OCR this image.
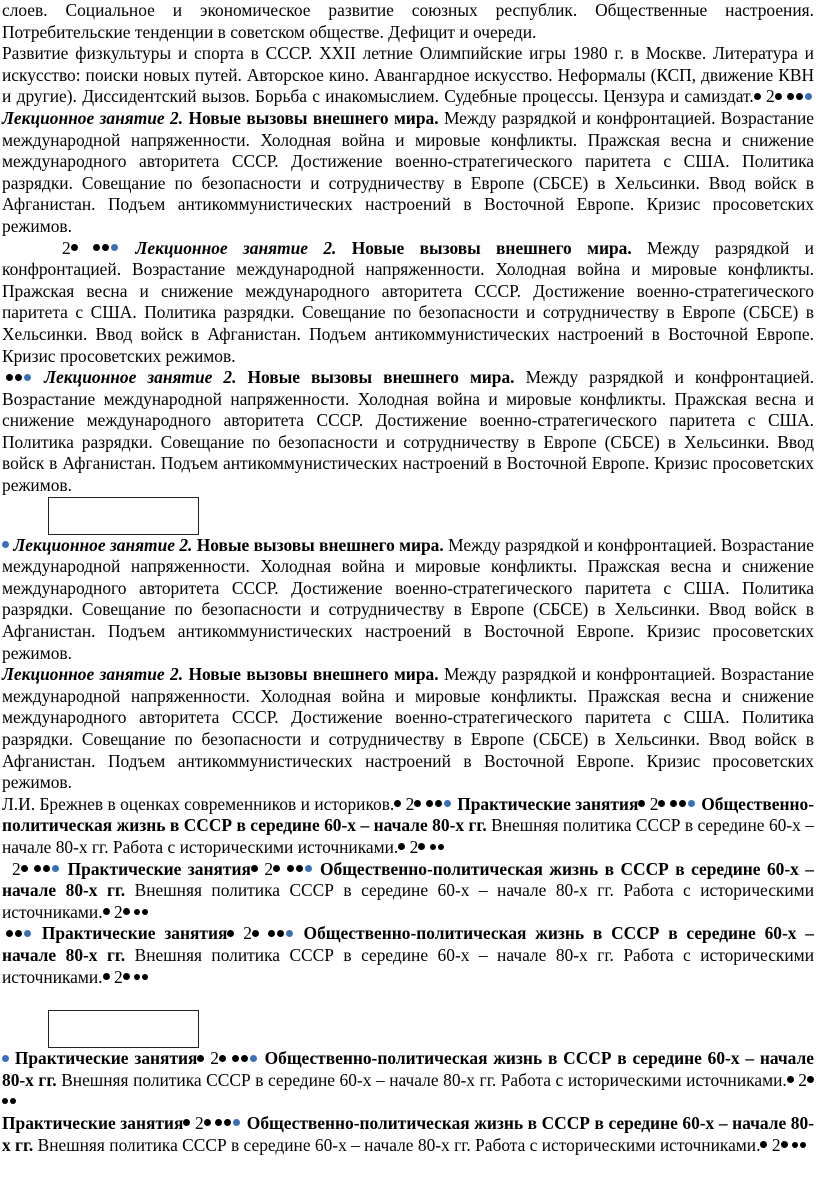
слоев. Социальное и экономическое развитие союзных республик. Общественные настроения. Потребительские тенденции в советском обществе. Дефицит и очереди.

Развитие физкультуры и спорта в СССР. XXII летние Олимпийские игры 1980 г. в Москве. Литература и искусство: поиски новых путей. Авторское кино. Авангардное искусство. Неформалы (КСП, движение КВН и другие). Диссидентский вызов. Борьба с инакомыслием. Судебные процессы. Цензура и самиздат. 2  Лекционное занятие 2. Новые вызовы внешнего мира. Между разрядкой и конфронтацией. Возрастание международной напряженности. Холодная война и мировые конфликты. Пражская весна и снижение международного авторитета СССР. Достижение военно-стратегического паритета с США. Политика разрядки. Совещание по безопасности и сотрудничеству в Европе (СБСЕ) в Хельсинки. Ввод войск в Афганистан. Подъем антикоммунистических настроений в Восточной Европе. Кризис просоветских режимов.

2	Лекционное занятие 2. Новые вызовы внешнего мира. Между разрядкой и конфронтацией. Возрастание международной напряженности. Холодная война и мировые конфликты. Пражская весна и снижение международного авторитета СССР. Достижение военно-стратегического паритета с США. Политика разрядки. Совещание по безопасности и сотрудничеству в Европе (СБСЕ) в Хельсинки. Ввод войск в Афганистан. Подъем антикоммунистических настроений в Восточной Европе. Кризис просоветских режимов.

Лекционное занятие 2. Новые вызовы внешнего мира. Между разрядкой и конфронтацией. Возрастание международной напряженности. Холодная война и мировые конфликты. Пражская весна и снижение международного авторитета СССР. Достижение военно-стратегического паритета с США. Политика разрядки. Совещание по безопасности и сотрудничеству в Европе (СБСЕ) в Хельсинки. Ввод войск в Афганистан. Подъем антикоммунистических настроений в Восточной Европе. Кризис просоветских режимов.

Лекционное занятие 2. Новые вызовы внешнего мира. Между разрядкой и конфронтацией. Возрастание международной напряженности. Холодная война и мировые конфликты. Пражская весна и снижение международного авторитета СССР. Достижение военно-стратегического паритета с США. Политика разрядки. Совещание по безопасности и сотрудничеству в Европе (СБСЕ) в Хельсинки. Ввод войск в Афганистан. Подъем антикоммунистических настроений в Восточной Европе. Кризис просоветских режимов.

Лекционное занятие 2. Новые вызовы внешнего мира. Между разрядкой и конфронтацией. Возрастание международной напряженности. Холодная война и мировые конфликты. Пражская весна и снижение международного авторитета СССР. Достижение военно-стратегического паритета с США. Политика разрядки. Совещание по безопасности и сотрудничеству в Европе (СБСЕ) в Хельсинки. Ввод войск в Афганистан. Подъем антикоммунистических настроений в Восточной Европе. Кризис просоветских режимов.

Л.И. Брежнев в оценках современников и историков. 2 Практические занятия 2 Общественно-политическая жизнь в СССР в середине 60-х – начале 80-х гг. Внешняя политика СССР в середине 60-х – начале 80-х гг. Работа с историческими источниками. 2

2	Практические занятия 2	Общественно-политическая жизнь в СССР в середине 60-х – начале 80-х гг. Внешняя политика СССР в середине 60-х – начале 80-х гг. Работа с историческими источниками. 2

Практические занятия 2	Общественно-политическая жизнь в СССР в середине 60-х – начале 80-х гг. Внешняя политика СССР в середине 60-х – начале 80-х гг. Работа с историческими источниками. 2

Практические занятия 2	Общественно-политическая жизнь в СССР в середине 60-х – начале 80-х гг. Внешняя политика СССР в середине 60-х – начале 80-х гг. Работа с историческими источниками. 2

Практические занятия 2 Общественно-политическая жизнь в СССР в середине 60-х – начале 80-х гг. Внешняя политика СССР в середине 60-х – начале 80-х гг. Работа с историческими источниками. 2
